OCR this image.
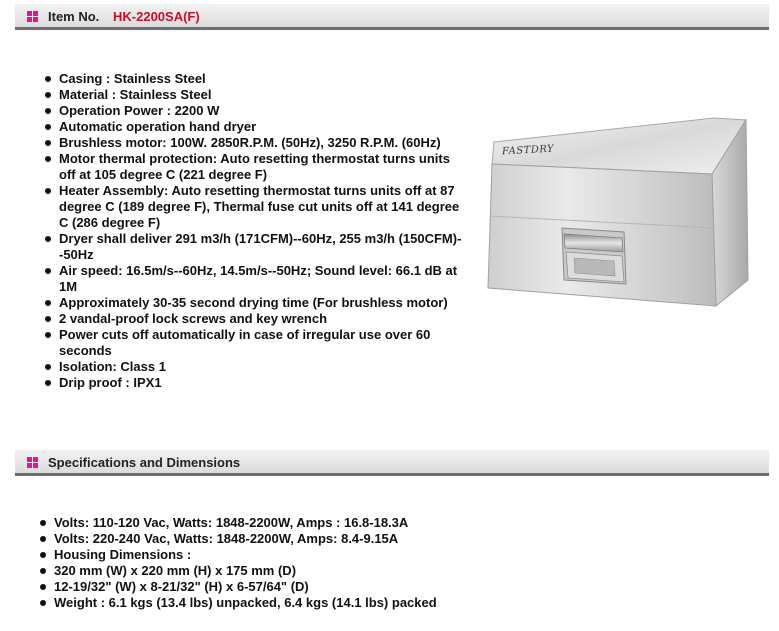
Item No. HK-2200SA(F)
Casing : Stainless Steel
Material : Stainless Steel
Operation Power : 2200 W
Automatic operation hand dryer
Brushless motor: 100W. 2850R.P.M. (50Hz), 3250 R.P.M. (60Hz)
Motor thermal protection: Auto resetting thermostat turns units off at 105 degree C (221 degree F)
Heater Assembly: Auto resetting thermostat turns units off at 87 degree C (189 degree F), Thermal fuse cut units off at 141 degree C (286 degree F)
Dryer shall deliver 291 m3/h (171CFM)--60Hz, 255 m3/h (150CFM)--50Hz
Air speed: 16.5m/s--60Hz, 14.5m/s--50Hz; Sound level: 66.1 dB at 1M
Approximately 30-35 second drying time (For brushless motor)
2 vandal-proof lock screws and key wrench
Power cuts off automatically in case of irregular use over 60 seconds
Isolation: Class 1
Drip proof : IPX1
FASTDRY
Specifications and Dimensions
Volts: 110-120 Vac, Watts: 1848-2200W, Amps : 16.8-18.3A
Volts: 220-240 Vac, Watts: 1848-2200W, Amps: 8.4-9.15A
Housing Dimensions :
320 mm (W) x 220 mm (H) x 175 mm (D)
12-19/32" (W) x 8-21/32" (H) x 6-57/64" (D)
Weight : 6.1 kgs (13.4 lbs) unpacked, 6.4 kgs (14.1 lbs) packed
